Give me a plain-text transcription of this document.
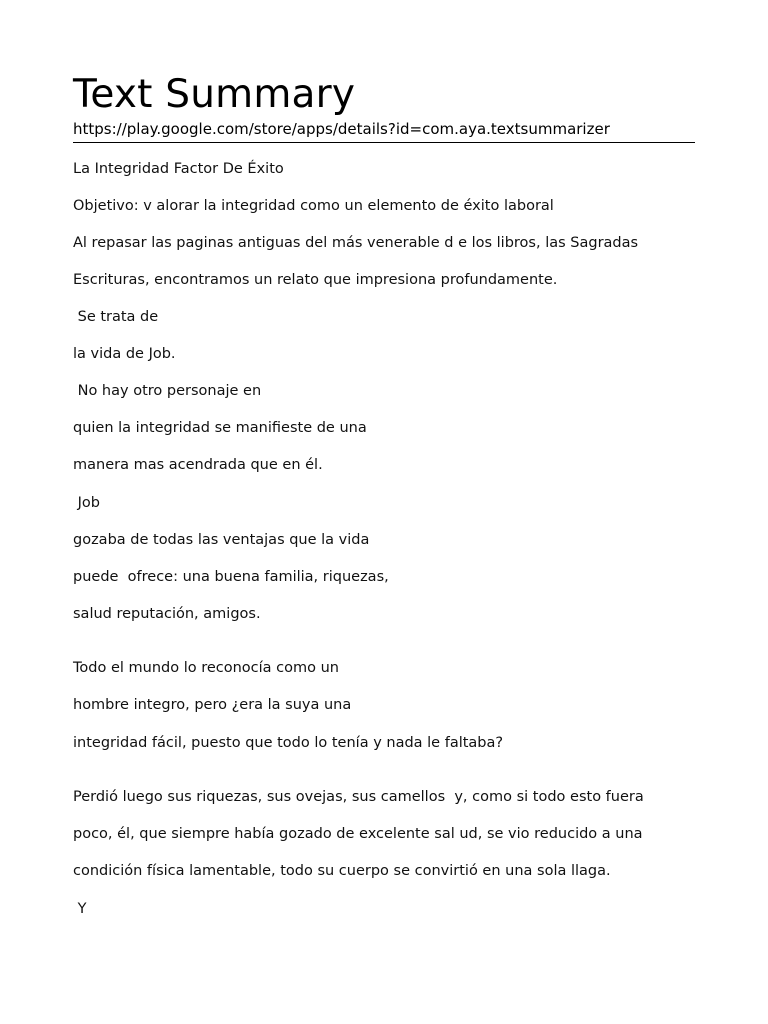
Text Summary
https://play.google.com/store/apps/details?id=com.aya.textsummarizer
La Integridad Factor De Éxito
Objetivo: v alorar la integridad como un elemento de éxito laboral
Al repasar las paginas antiguas del más venerable d e los libros, las Sagradas
Escrituras, encontramos un relato que impresiona profundamente.
Se trata de
la vida de Job.
No hay otro personaje en
quien la integridad se manifieste de una
manera mas acendrada que en él.
Job
gozaba de todas las ventajas que la vida
puede  ofrece: una buena familia, riquezas,
salud reputación, amigos.
Todo el mundo lo reconocía como un
hombre integro, pero ¿era la suya una
integridad fácil, puesto que todo lo tenía y nada le faltaba?
Perdió luego sus riquezas, sus ovejas, sus camellos  y, como si todo esto fuera
poco, él, que siempre había gozado de excelente sal ud, se vio reducido a una
condición física lamentable, todo su cuerpo se convirtió en una sola llaga.
Y
